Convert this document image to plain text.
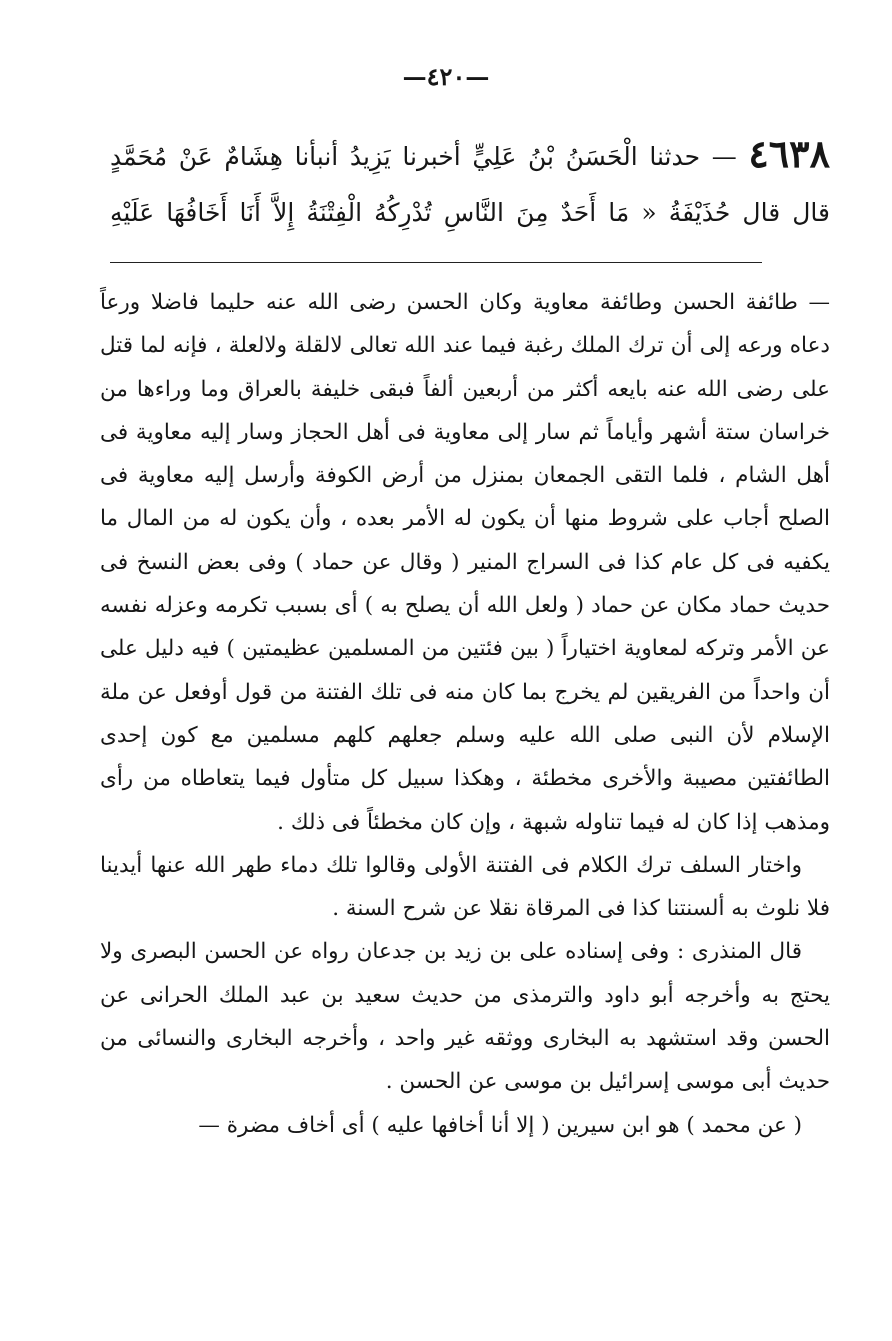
—٤٢٠—
٤٦٣٨ — حدثنا الْحَسَنُ بْنُ عَلِيٍّ أخبرنا يَزِيدُ أنبأنا هِشَامٌ عَنْ مُحَمَّدٍ قال قال حُذَيْفَةُ « مَا أَحَدٌ مِنَ النَّاسِ تُدْرِكُهُ الْفِتْنَةُ إِلاَّ أَنَا أَخَافُهَا عَلَيْهِ

— طائفة الحسن وطائفة معاوية وكان الحسن رضى الله عنه حليما فاضلا ورعاً دعاه ورعه إلى أن ترك الملك رغبة فيما عند الله تعالى لالقلة ولالعلة ، فإنه لما قتل على رضى الله عنه بايعه أكثر من أربعين ألفاً فبقى خليفة بالعراق وما وراءها من خراسان ستة أشهر وأياماً ثم سار إلى معاوية فى أهل الحجاز وسار إليه معاوية فى أهل الشام ، فلما التقى الجمعان بمنزل من أرض الكوفة وأرسل إليه معاوية فى الصلح أجاب على شروط منها أن يكون له الأمر بعده ، وأن يكون له من المال ما يكفيه فى كل عام كذا فى السراج المنير ( وقال عن حماد ) وفى بعض النسخ فى حديث حماد مكان عن حماد ( ولعل الله أن يصلح به ) أى بسبب تكرمه وعزله نفسه عن الأمر وتركه لمعاوية اختياراً ( بين فئتين من المسلمين عظيمتين ) فيه دليل على أن واحداً من الفريقين لم يخرج بما كان منه فى تلك الفتنة من قول أوفعل عن ملة الإسلام لأن النبى صلى الله عليه وسلم جعلهم كلهم مسلمين مع كون إحدى الطائفتين مصيبة والأخرى مخطئة ، وهكذا سبيل كل متأول فيما يتعاطاه من رأى ومذهب إذا كان له فيما تناوله شبهة ، وإن كان مخطئاً فى ذلك .

واختار السلف ترك الكلام فى الفتنة الأولى وقالوا تلك دماء طهر الله عنها أيدينا فلا نلوث به ألسنتنا كذا فى المرقاة نقلا عن شرح السنة .

قال المنذرى : وفى إسناده على بن زيد بن جدعان رواه عن الحسن البصرى ولا يحتج به وأخرجه أبو داود والترمذى من حديث سعيد بن عبد الملك الحرانى عن الحسن وقد استشهد به البخارى ووثقه غير واحد ، وأخرجه البخارى والنسائى من حديث أبى موسى إسرائيل بن موسى عن الحسن .

( عن محمد ) هو ابن سيرين ( إلا أنا أخافها عليه ) أى أخاف مضرة —
